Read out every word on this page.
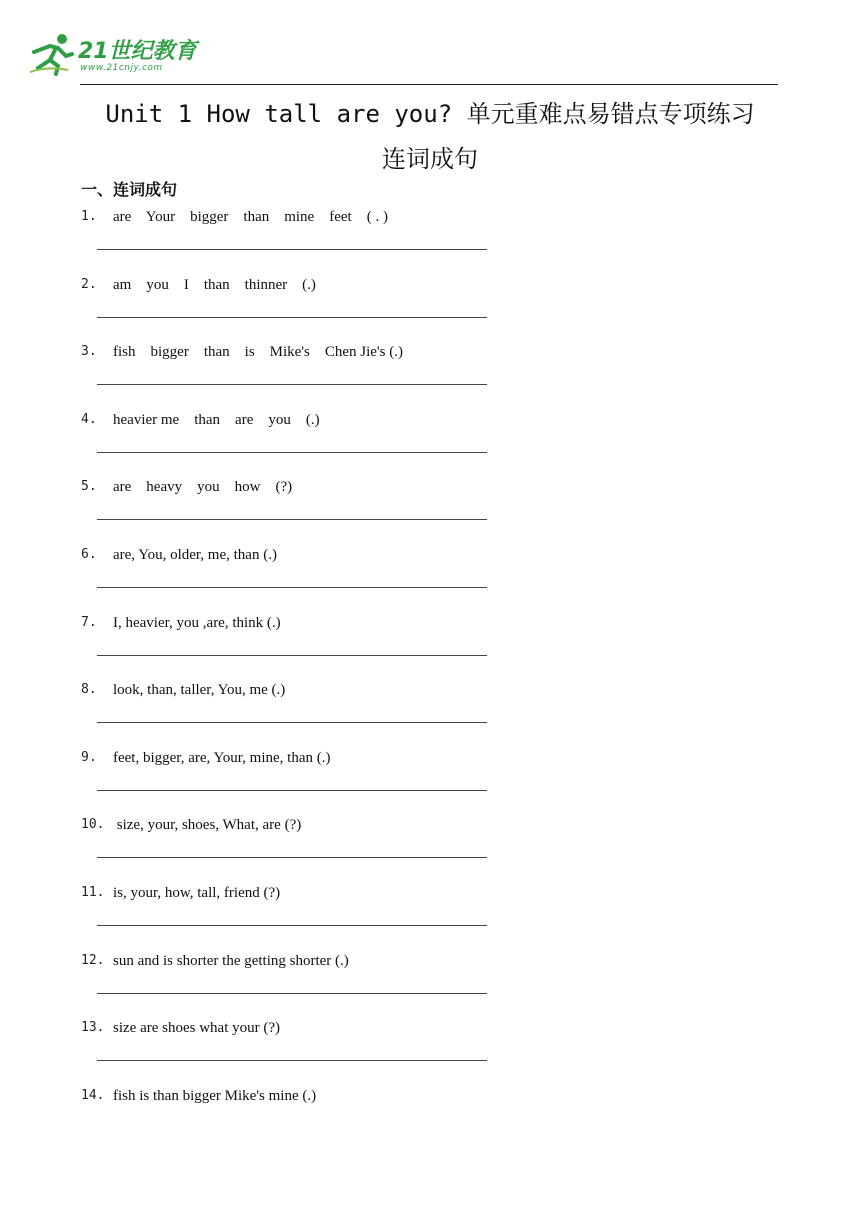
21世纪教育
www.21cnjy.com
Unit 1 How tall are you? 单元重难点易错点专项练习
连词成句
一、连词成句
1. are    Your    bigger    than    mine    feet    ( . )
2. am    you    I    than    thinner    (.)
3. fish    bigger    than    is    Mike's    Chen Jie's (.)
4. heavier me    than    are    you    (.)
5. are    heavy    you    how    (?)
6. are, You, older, me, than (.)
7. I, heavier, you ,are, think (.)
8. look, than, taller, You, me (.)
9. feet, bigger, are, Your, mine, than (.)
10. size, your, shoes, What, are (?)
11. is, your, how, tall, friend (?)
12. sun and is shorter the getting shorter (.)
13. size are shoes what your (?)
14. fish is than bigger Mike's mine (.)
